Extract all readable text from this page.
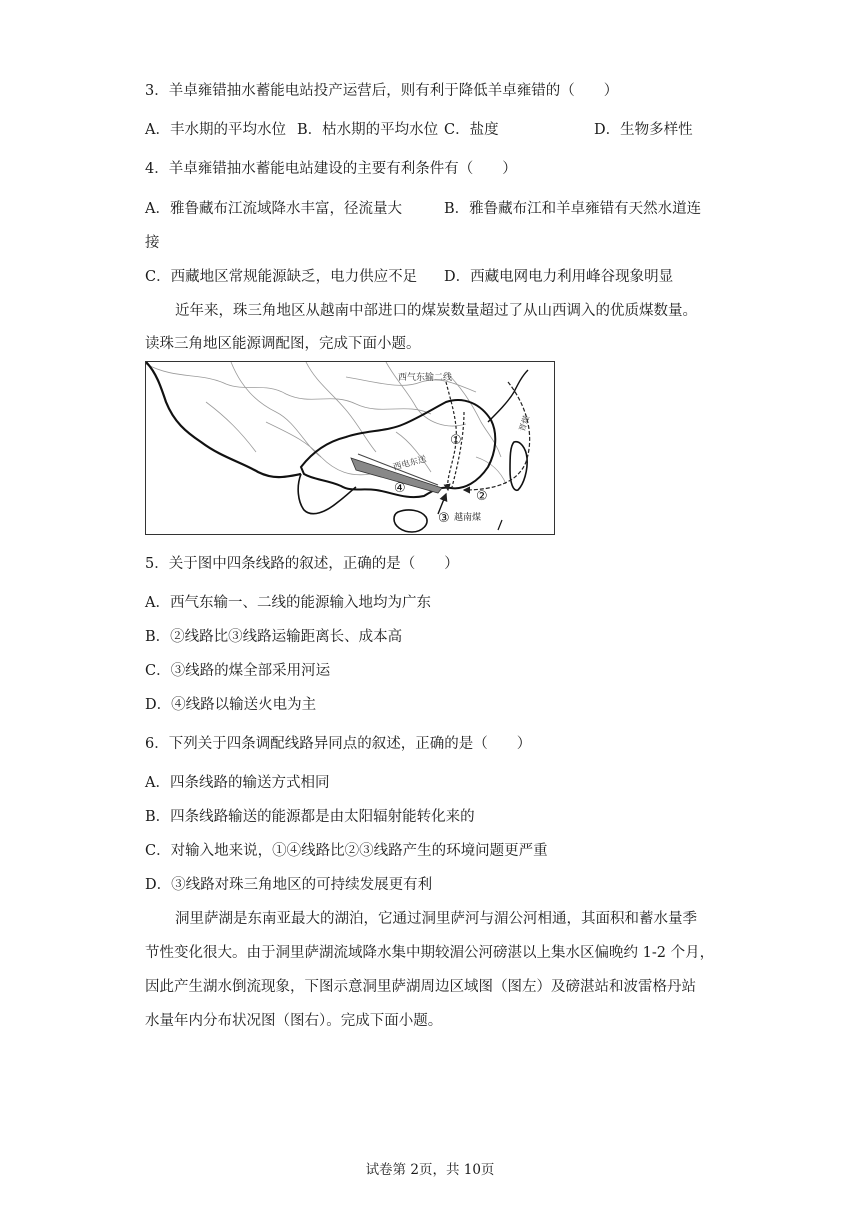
3．羊卓雍错抽水蓄能电站投产运营后，则有利于降低羊卓雍错的（　　）
A．丰水期的平均水位 B．枯水期的平均水位 C．盐度	D．生物多样性
4．羊卓雍错抽水蓄能电站建设的主要有利条件有（　　）
A．雅鲁藏布江流域降水丰富，径流量大	B．雅鲁藏布江和羊卓雍错有天然水道连
接
C．西藏地区常规能源缺乏，电力供应不足 D．西藏电网电力利用峰谷现象明显
近年来，珠三角地区从越南中部进口的煤炭数量超过了从山西调入的优质煤数量。
读珠三角地区能源调配图，完成下面小题。
西气东输二线
晋煤
西电东送
越南煤
①
②
③
④
5．关于图中四条线路的叙述，正确的是（　　）
A．西气东输一、二线的能源输入地均为广东
B．②线路比③线路运输距离长、成本高
C．③线路的煤全部采用河运
D．④线路以输送火电为主
6．下列关于四条调配线路异同点的叙述，正确的是（　　）
A．四条线路的输送方式相同
B．四条线路输送的能源都是由太阳辐射能转化来的
C．对输入地来说，①④线路比②③线路产生的环境问题更严重
D．③线路对珠三角地区的可持续发展更有利
洞里萨湖是东南亚最大的湖泊，它通过洞里萨河与湄公河相通，其面积和蓄水量季
节性变化很大。由于洞里萨湖流域降水集中期较湄公河磅湛以上集水区偏晚约 1-2 个月，
因此产生湖水倒流现象，下图示意洞里萨湖周边区域图（图左）及磅湛站和波雷格丹站
水量年内分布状况图（图右）。完成下面小题。
试卷第 2页，共 10页
